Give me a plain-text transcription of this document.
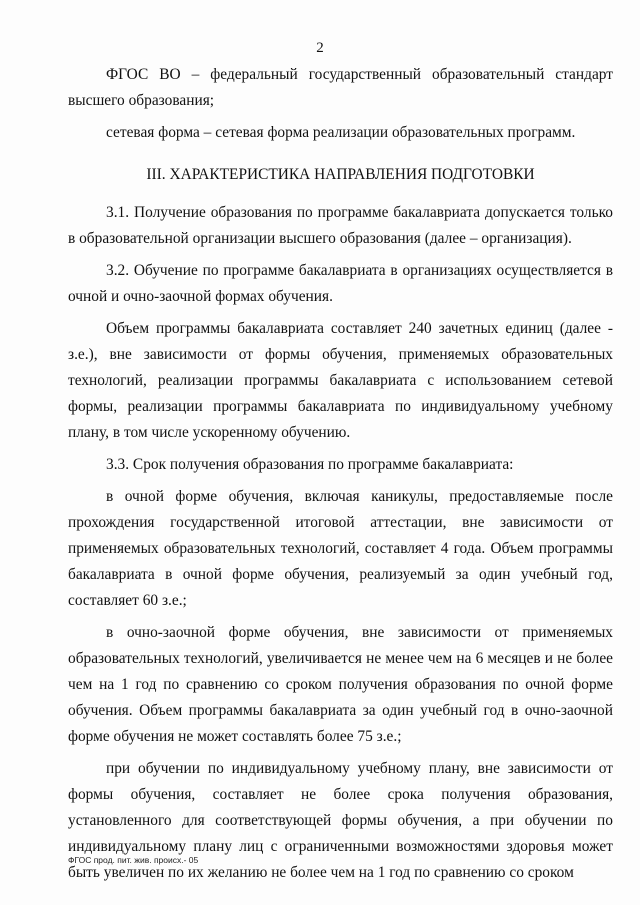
2

ФГОС ВО – федеральный государственный образовательный стандарт высшего образования;

сетевая форма – сетевая форма реализации образовательных программ.

III. ХАРАКТЕРИСТИКА НАПРАВЛЕНИЯ ПОДГОТОВКИ

3.1. Получение образования по программе бакалавриата допускается только в образовательной организации высшего образования (далее – организация).

3.2. Обучение по программе бакалавриата в организациях осуществляется в очной и очно-заочной формах обучения.

Объем программы бакалавриата составляет 240 зачетных единиц (далее - з.е.), вне зависимости от формы обучения, применяемых образовательных технологий, реализации программы бакалавриата с использованием сетевой формы, реализации программы бакалавриата по индивидуальному учебному плану, в том числе ускоренному обучению.

3.3. Срок получения образования по программе бакалавриата:

в очной форме обучения, включая каникулы, предоставляемые после прохождения государственной итоговой аттестации, вне зависимости от применяемых образовательных технологий, составляет 4 года. Объем программы бакалавриата в очной форме обучения, реализуемый за один учебный год, составляет 60 з.е.;

в очно-заочной форме обучения, вне зависимости от применяемых образовательных технологий, увеличивается не менее чем на 6 месяцев и не более чем на 1 год по сравнению со сроком получения образования по очной форме обучения. Объем программы бакалавриата за один учебный год в очно-заочной форме обучения не может составлять более 75 з.е.;

при обучении по индивидуальному учебному плану, вне зависимости от формы обучения, составляет не более срока получения образования, установленного для соответствующей формы обучения, а при обучении по индивидуальному плану лиц с ограниченными возможностями здоровья может быть увеличен по их желанию не более чем на 1 год по сравнению со сроком

ФГОС прод. пит. жив. происх.- 05
